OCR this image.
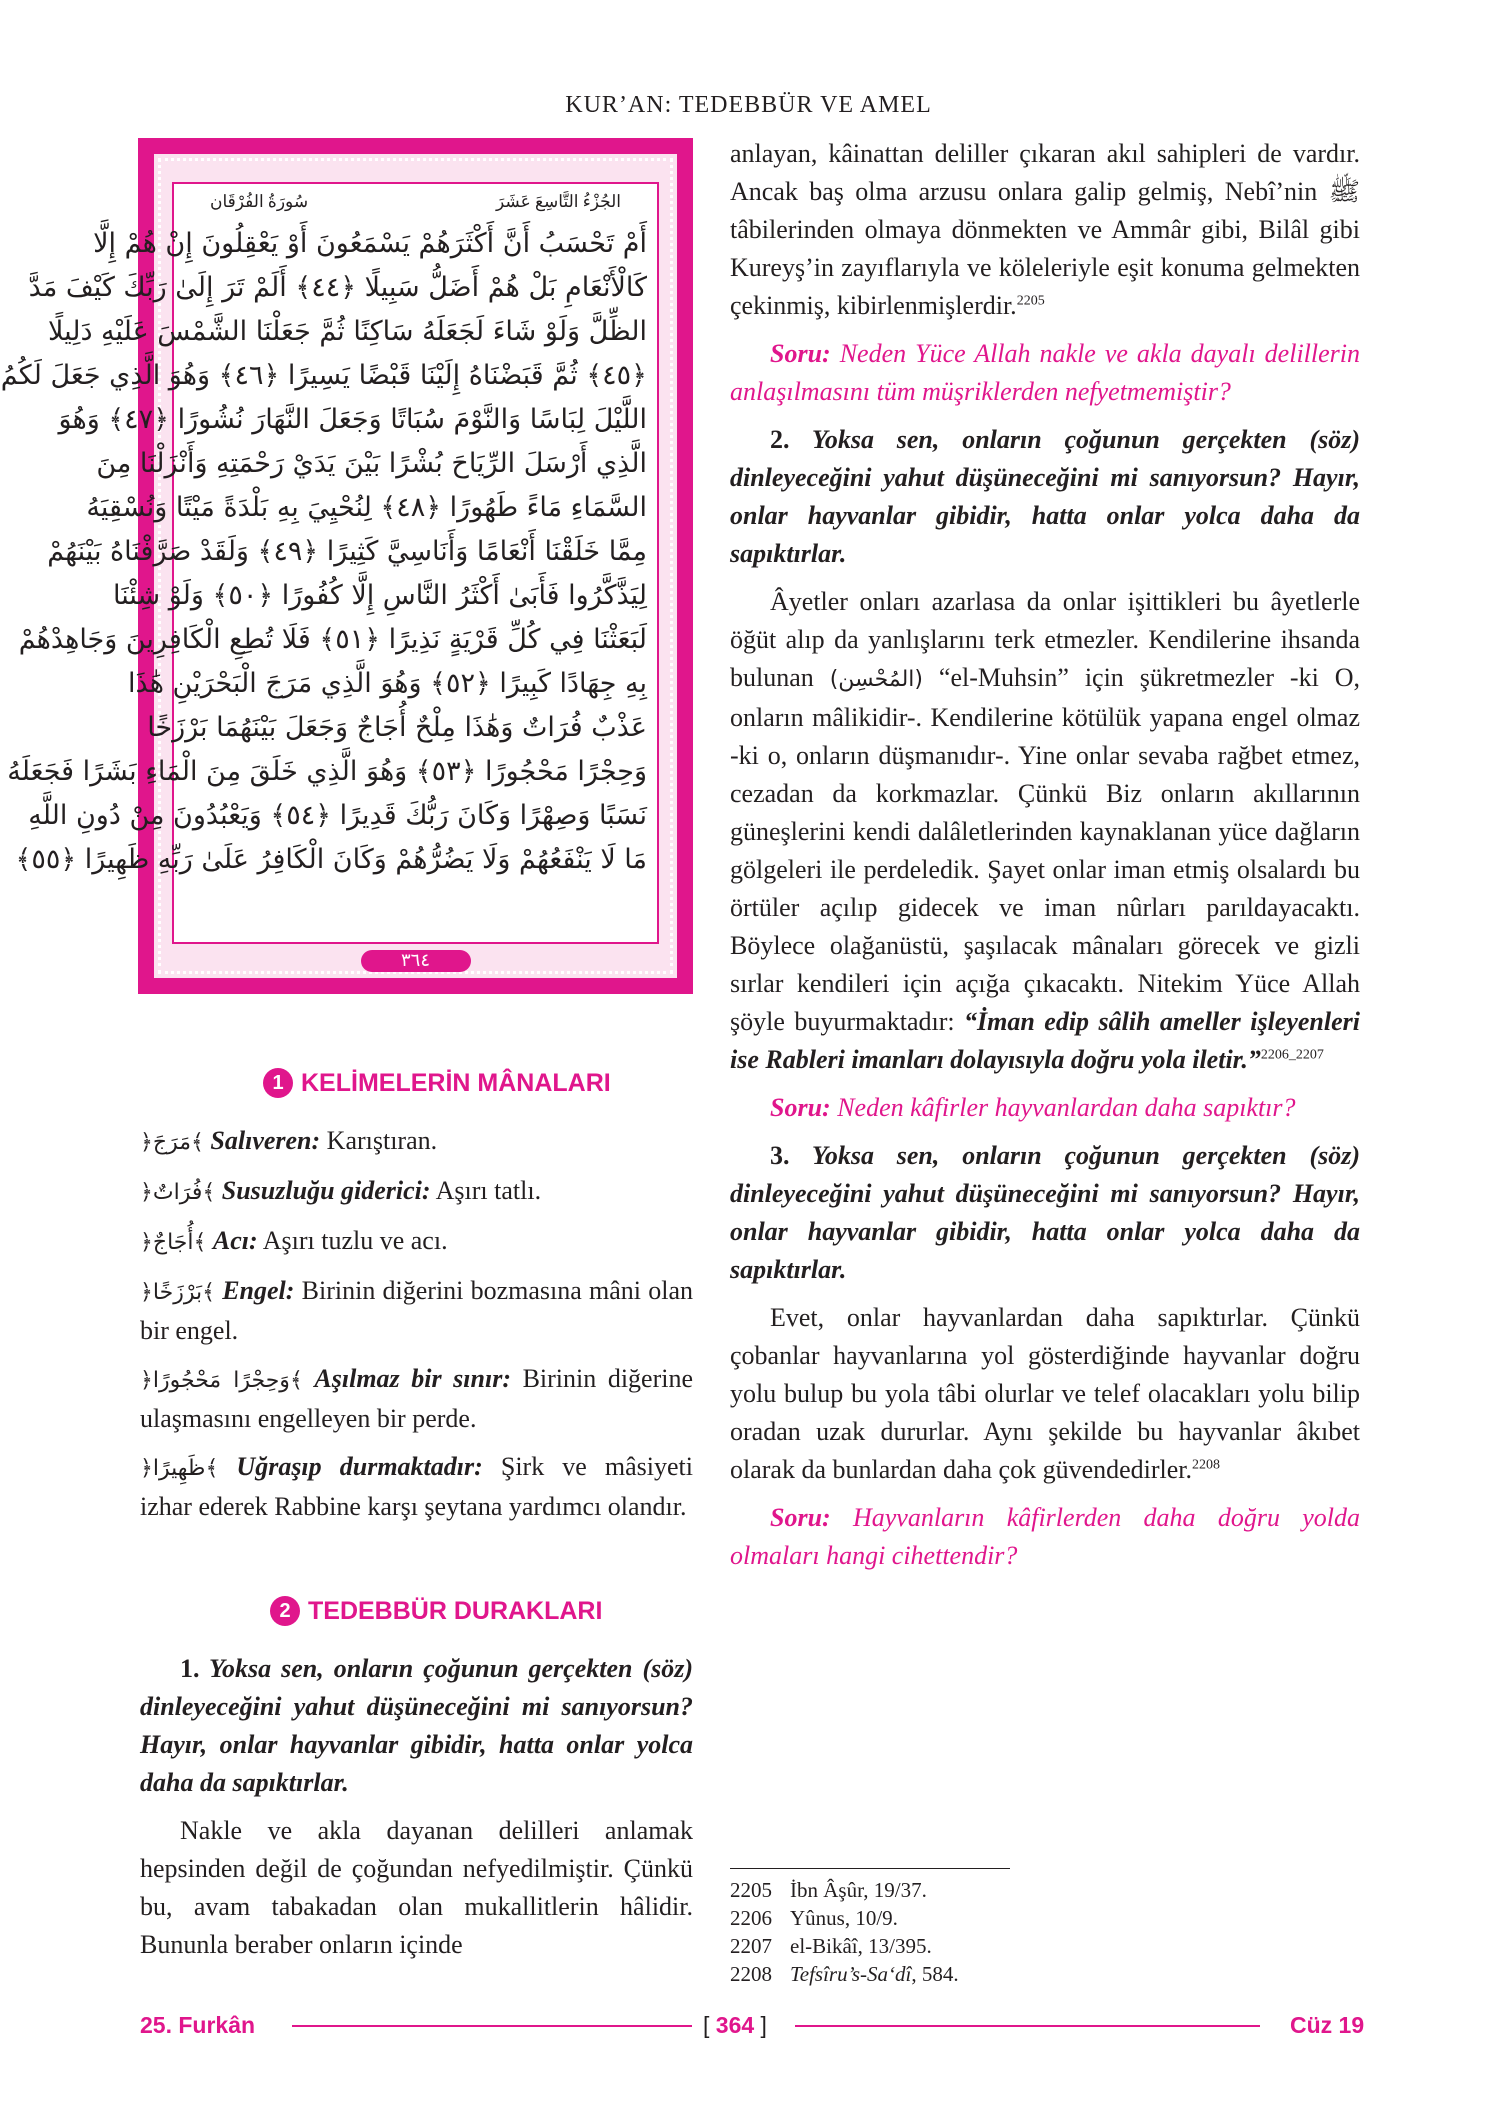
KUR’AN: TEDEBBÜR VE AMEL
سُورَةُ الفُرْقَان	الجُزْءُ التَّاسِعَ عَشَرَ
أَمْ تَحْسَبُ أَنَّ أَكْثَرَهُمْ يَسْمَعُونَ أَوْ يَعْقِلُونَ إِنْ هُمْ إِلَّا
كَالْأَنْعَامِ بَلْ هُمْ أَضَلُّ سَبِيلًا ﴿٤٤﴾ أَلَمْ تَرَ إِلَىٰ رَبِّكَ كَيْفَ مَدَّ
الظِّلَّ وَلَوْ شَاءَ لَجَعَلَهُ سَاكِنًا ثُمَّ جَعَلْنَا الشَّمْسَ عَلَيْهِ دَلِيلًا
﴿٤٥﴾ ثُمَّ قَبَضْنَاهُ إِلَيْنَا قَبْضًا يَسِيرًا ﴿٤٦﴾ وَهُوَ الَّذِي جَعَلَ لَكُمُ
اللَّيْلَ لِبَاسًا وَالنَّوْمَ سُبَاتًا وَجَعَلَ النَّهَارَ نُشُورًا ﴿٤٧﴾ وَهُوَ
الَّذِي أَرْسَلَ الرِّيَاحَ بُشْرًا بَيْنَ يَدَيْ رَحْمَتِهِ وَأَنْزَلْنَا مِنَ
السَّمَاءِ مَاءً طَهُورًا ﴿٤٨﴾ لِنُحْيِيَ بِهِ بَلْدَةً مَيْتًا وَنُسْقِيَهُ
مِمَّا خَلَقْنَا أَنْعَامًا وَأَنَاسِيَّ كَثِيرًا ﴿٤٩﴾ وَلَقَدْ صَرَّفْنَاهُ بَيْنَهُمْ
لِيَذَّكَّرُوا فَأَبَىٰ أَكْثَرُ النَّاسِ إِلَّا كُفُورًا ﴿٥٠﴾ وَلَوْ شِئْنَا
لَبَعَثْنَا فِي كُلِّ قَرْيَةٍ نَذِيرًا ﴿٥١﴾ فَلَا تُطِعِ الْكَافِرِينَ وَجَاهِدْهُمْ
بِهِ جِهَادًا كَبِيرًا ﴿٥٢﴾ وَهُوَ الَّذِي مَرَجَ الْبَحْرَيْنِ هَٰذَا
عَذْبٌ فُرَاتٌ وَهَٰذَا مِلْحٌ أُجَاجٌ وَجَعَلَ بَيْنَهُمَا بَرْزَخًا
وَحِجْرًا مَحْجُورًا ﴿٥٣﴾ وَهُوَ الَّذِي خَلَقَ مِنَ الْمَاءِ بَشَرًا فَجَعَلَهُ
نَسَبًا وَصِهْرًا وَكَانَ رَبُّكَ قَدِيرًا ﴿٥٤﴾ وَيَعْبُدُونَ مِنْ دُونِ اللَّهِ
مَا لَا يَنْفَعُهُمْ وَلَا يَضُرُّهُمْ وَكَانَ الْكَافِرُ عَلَىٰ رَبِّهِ ظَهِيرًا ﴿٥٥﴾
٣٦٤
1 KELİMELERİN MÂNALARI

﴿مَرَجَ﴾ Salıveren: Karıştıran.

﴿فُرَاتٌ﴾ Susuzluğu giderici: Aşırı tatlı.

﴿أُجَاجٌ﴾ Acı: Aşırı tuzlu ve acı.

﴿بَرْزَخًا﴾ Engel: Birinin diğerini bozmasına mâni olan bir engel.

﴿وَحِجْرًا مَحْجُورًا﴾ Aşılmaz bir sınır: Birinin diğerine ulaşmasını engelleyen bir perde.

﴿ظَهِيرًا﴾ Uğraşıp durmaktadır: Şirk ve mâsiyeti izhar ederek Rabbine karşı şeytana yardımcı olandır.

2 TEDEBBÜR DURAKLARI

1. Yoksa sen, onların çoğunun gerçekten (söz) dinleyeceğini yahut düşüneceğini mi sanıyorsun? Hayır, onlar hayvanlar gibidir, hatta onlar yolca daha da sapıktırlar.

Nakle ve akla dayanan delilleri anlamak hepsinden değil de çoğundan nefyedilmiştir. Çünkü bu, avam tabakadan olan mukallitlerin hâlidir. Bununla beraber onların içinde

anlayan, kâinattan deliller çıkaran akıl sahipleri de vardır. Ancak baş olma arzusu onlara galip gelmiş, Nebî’nin ﷺ tâbilerinden olmaya dönmekten ve Ammâr gibi, Bilâl gibi Kureyş’in zayıflarıyla ve köleleriyle eşit konuma gelmekten çekinmiş, kibirlenmişlerdir.$^{2205}$

Soru: Neden Yüce Allah nakle ve akla dayalı delillerin anlaşılmasını tüm müşriklerden nefyetmemiştir?

2. Yoksa sen, onların çoğunun gerçekten (söz) dinleyeceğini yahut düşüneceğini mi sanıyorsun? Hayır, onlar hayvanlar gibidir, hatta onlar yolca daha da sapıktırlar.

Âyetler onları azarlasa da onlar işittikleri bu âyetlerle öğüt alıp da yanlışlarını terk etmezler. Kendilerine ihsanda bulunan (المُحْسِن) “el-Muhsin” için şükretmezler -ki O, onların mâlikidir-. Kendilerine kötülük yapana engel olmaz -ki o, onların düşmanıdır-. Yine onlar sevaba rağbet etmez, cezadan da korkmazlar. Çünkü Biz onların akıllarının güneşlerini kendi dalâletlerinden kaynaklanan yüce dağların gölgeleri ile perdeledik. Şayet onlar iman etmiş olsalardı bu örtüler açılıp gidecek ve iman nûrları parıldayacaktı. Böylece olağanüstü, şaşılacak mânaları görecek ve gizli sırlar kendileri için açığa çıkacaktı. Nitekim Yüce Allah şöyle buyurmaktadır: “İman edip sâlih ameller işleyenleri ise Rableri imanları dolayısıyla doğru yola iletir.”$^{2206\_2207}$

Soru: Neden kâfirler hayvanlardan daha sapıktır?

3. Yoksa sen, onların çoğunun gerçekten (söz) dinleyeceğini yahut düşüneceğini mi sanıyorsun? Hayır, onlar hayvanlar gibidir, hatta onlar yolca daha da sapıktırlar.

Evet, onlar hayvanlardan daha sapıktırlar. Çünkü çobanlar hayvanlarına yol gösterdiğinde hayvanlar doğru yolu bulup bu yola tâbi olurlar ve telef olacakları yolu bilip oradan uzak dururlar. Aynı şekilde bu hayvanlar âkıbet olarak da bunlardan daha çok güvendedirler.$^{2208}$

Soru: Hayvanların kâfirlerden daha doğru yolda olmaları hangi cihettendir?

2205 İbn Âşûr, 19/37.
2206 Yûnus, 10/9.
2207 el-Bikâî, 13/395.
2208 Tefsîru’s-Sa‘dî, 584.
25. Furkân	[ 364 ]	Cüz 19
